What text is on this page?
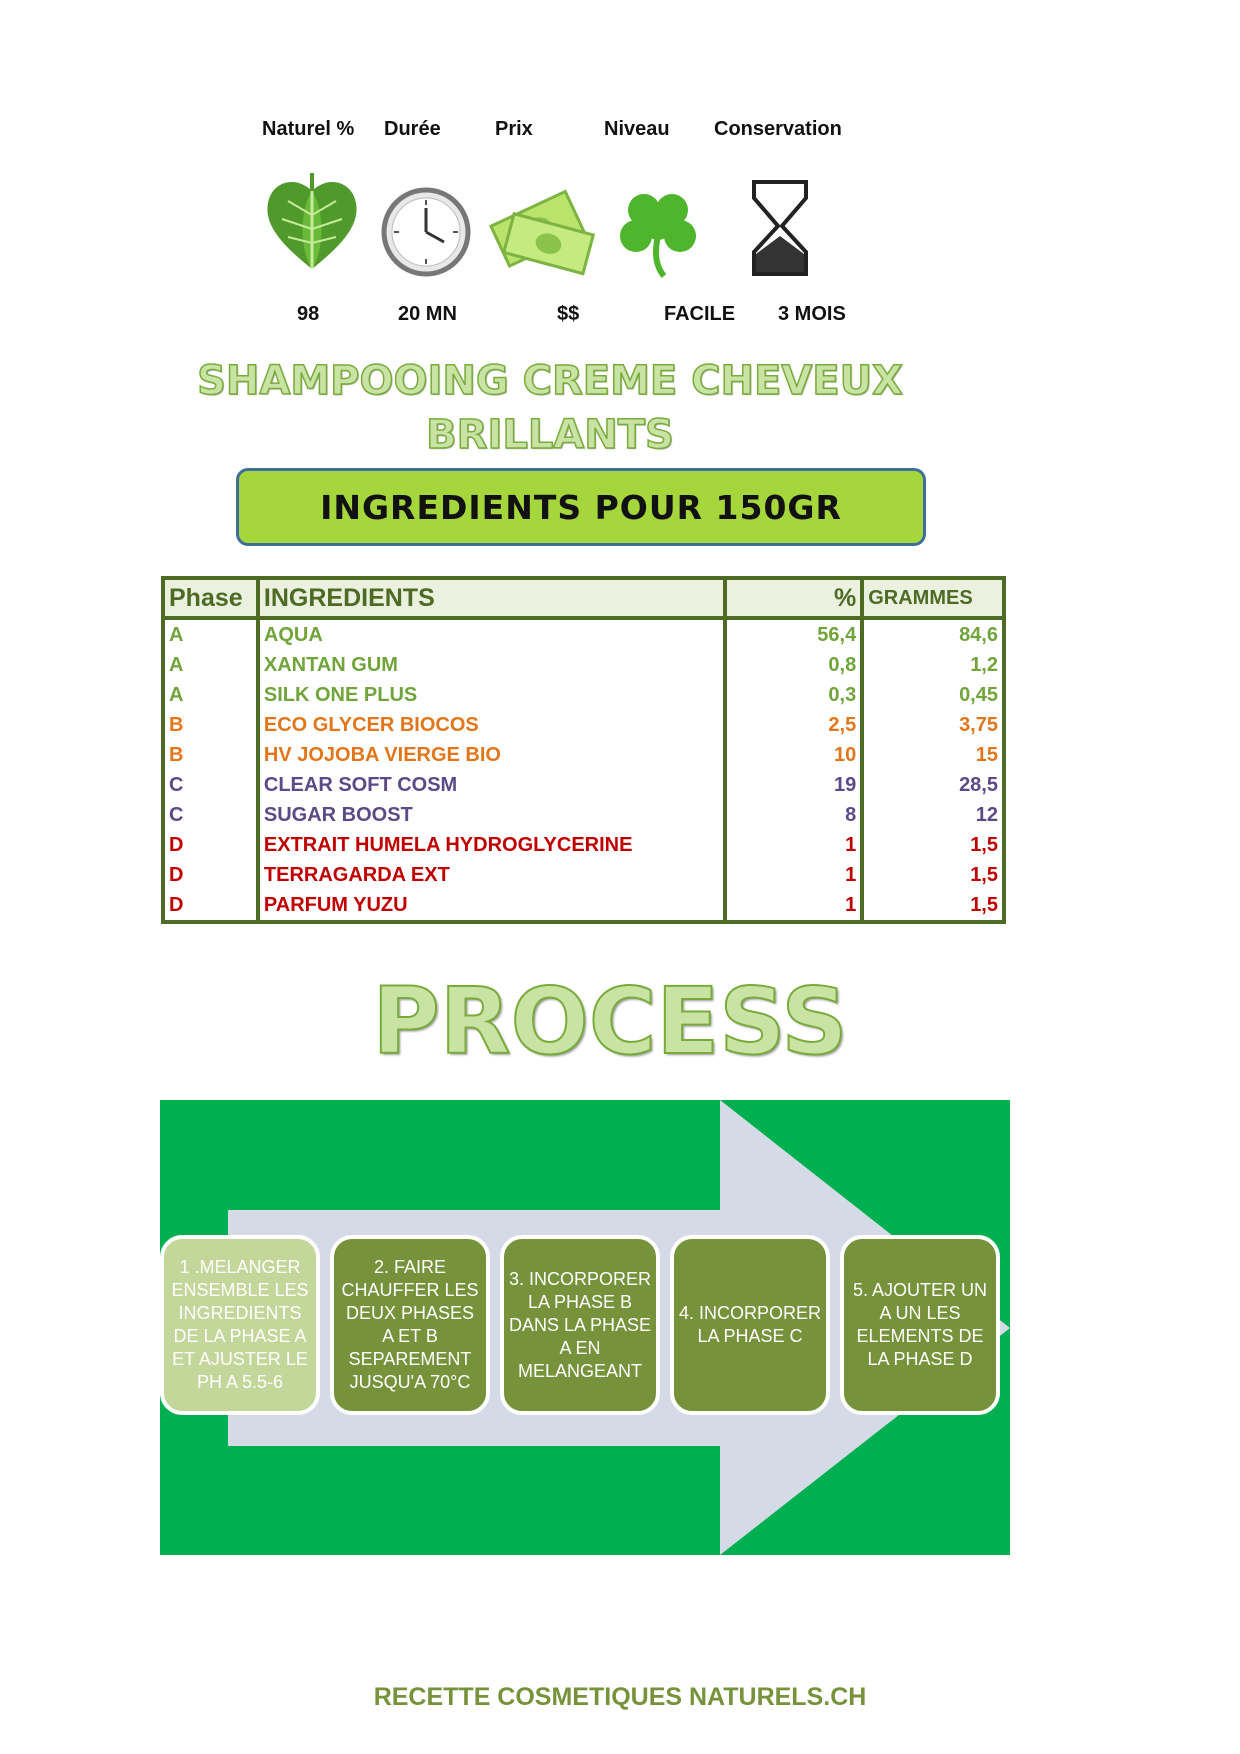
Naturel % Durée	Prix	Niveau Conservation
98	20 MN	$$	FACILE 3 MOIS
SHAMPOOING CREME CHEVEUX
BRILLANTS
INGREDIENTS POUR 150GR
Phase	INGREDIENTS	%	GRAMMES
A	AQUA	56,4	84,6
A	XANTAN GUM	0,8	1,2
A	SILK ONE PLUS	0,3	0,45
B	ECO GLYCER BIOCOS	2,5	3,75
B	HV JOJOBA VIERGE BIO	10	15
C	CLEAR SOFT COSM	19	28,5
C	SUGAR BOOST	8	12
D	EXTRAIT HUMELA HYDROGLYCERINE	1	1,5
D	TERRAGARDA EXT	1	1,5
D	PARFUM YUZU	1	1,5
PROCESS
1 .MELANGER ENSEMBLE LES INGREDIENTS DE LA PHASE A ET AJUSTER LE PH A 5.5-6
2. FAIRE CHAUFFER LES DEUX PHASES A ET B SEPAREMENT JUSQU'A 70°C
3. INCORPORER LA PHASE B DANS LA PHASE A EN MELANGEANT
4. INCORPORER LA PHASE C
5. AJOUTER UN A UN LES ELEMENTS DE LA PHASE D
RECETTE COSMETIQUES NATURELS.CH
